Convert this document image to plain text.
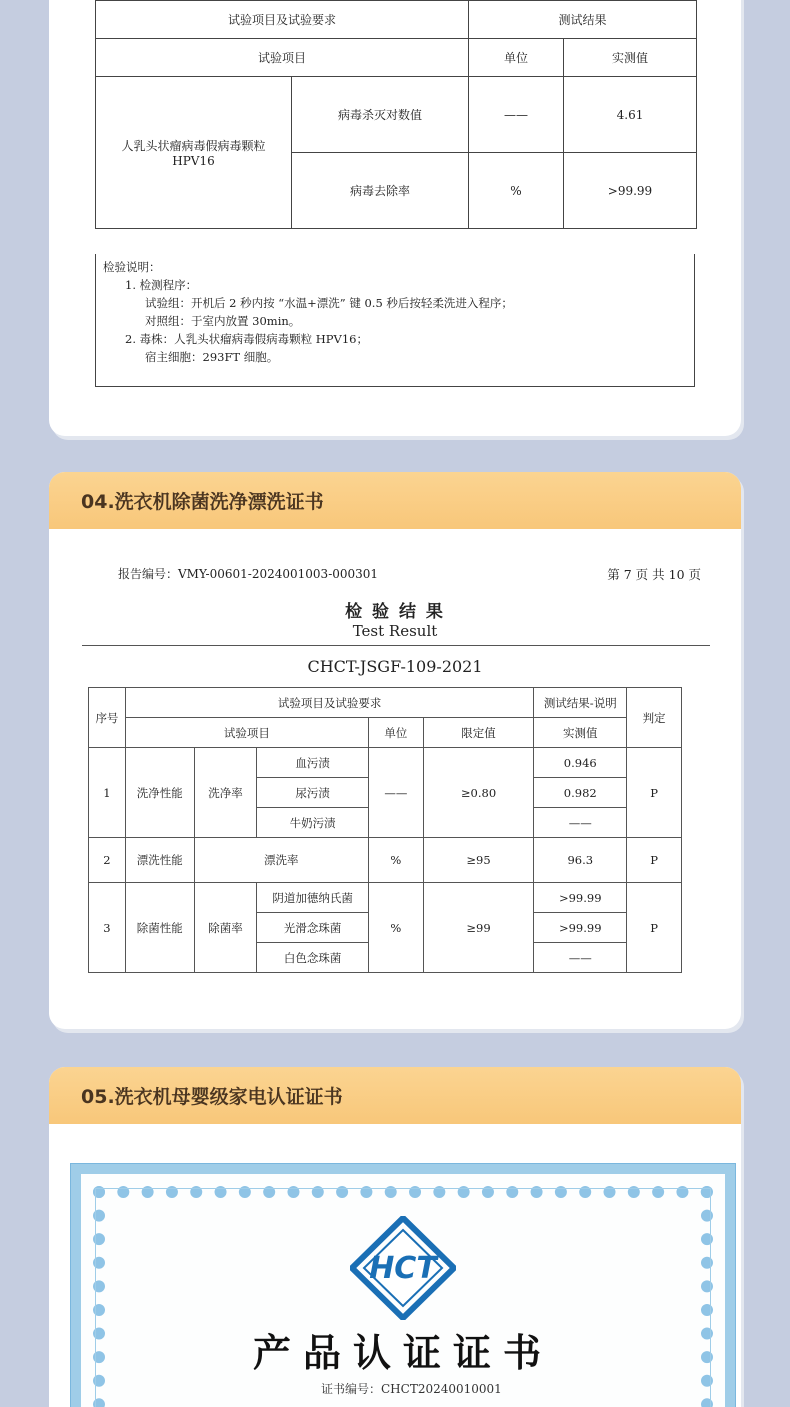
试验项目及试验要求		测试结果	
试验项目		单位	实测值

人乳头状瘤病毒假病毒颗粒
HPV16	病毒杀灭对数值	——	4.61
	病毒去除率	%	>99.99
检验说明：
1. 检测程序：
试验组：开机后 2 秒内按 “水温+漂洗” 键 0.5 秒后按轻柔洗进入程序；
对照组：于室内放置 30min。
2. 毒株：人乳头状瘤病毒假病毒颗粒 HPV16；
宿主细胞：293FT 细胞。
04.洗衣机除菌洗净漂洗证书
报告编号：VMY-00601-2024001003-000301	第 7 页 共 10 页
检 验 结 果
Test Result
CHCT-JSGF-109-2021
序号	试验项目及试验要求					测试结果-说明	判定
	试验项目			单位	限定值	实测值	
1	洗净性能	洗净率	血污渍	——	≥0.80	0.946	P
			尿污渍			0.982	
			牛奶污渍			——	
2	漂洗性能	漂洗率		%	≥95	96.3	P
3	除菌性能	除菌率	阴道加德纳氏菌	%	≥99	>99.99	P
			光滑念珠菌			>99.99	
			白色念珠菌			——	
05.洗衣机母婴级家电认证证书
HCT
产品认证证书
证书编号：CHCT20240010001
